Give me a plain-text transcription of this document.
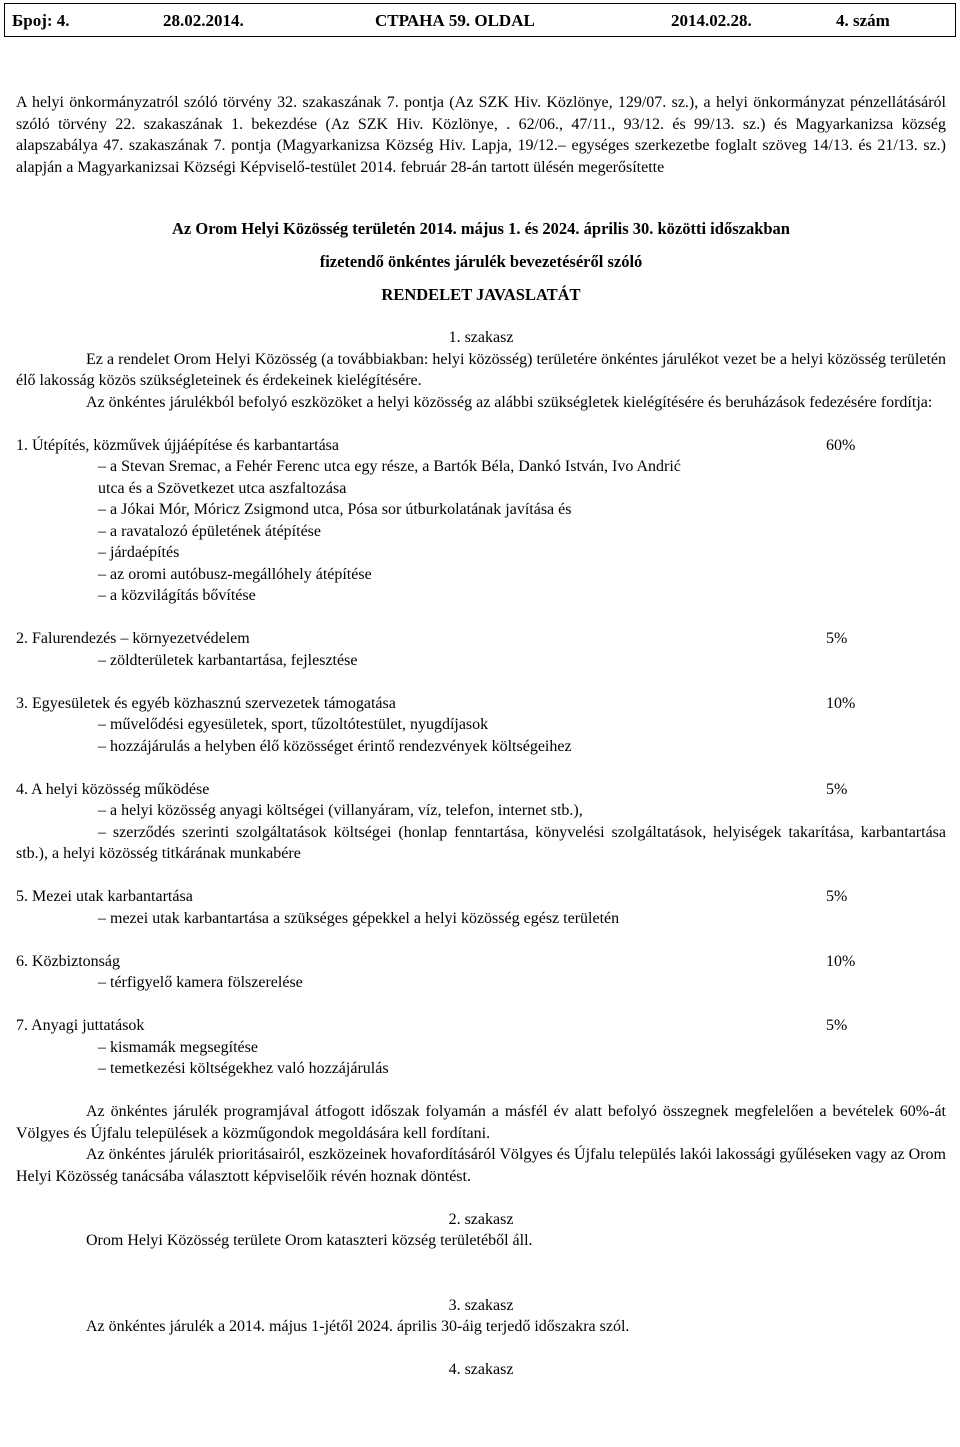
Број: 4.	28.02.2014.	СТРАНА 59. OLDAL	2014.02.28.	4. szám

A helyi önkormányzatról szóló törvény 32. szakaszának 7. pontja (Az SZK Hiv. Közlönye, 129/07. sz.), a helyi önkormányzat pénzellátásáról szóló törvény 22. szakaszának 1. bekezdése (Az SZK Hiv. Közlönye, . 62/06., 47/11., 93/12. és 99/13. sz.) és Magyarkanizsa község alapszabálya 47. szakaszának 7. pontja (Magyarkanizsa Község Hiv. Lapja, 19/12.– egységes szerkezetbe foglalt szöveg 14/13. és 21/13. sz.) alapján a Magyarkanizsai Községi Képviselő-testület 2014. február 28-án tartott ülésén megerősítette

Az Orom Helyi Közösség területén 2014. május 1. és 2024. április 30. közötti időszakban

fizetendő önkéntes járulék bevezetéséről szóló

RENDELET JAVASLATÁT

1. szakasz

Ez a rendelet Orom Helyi Közösség (a továbbiakban: helyi közösség) területére önkéntes járulékot vezet be a helyi közösség területén élő lakosság közös szükségleteinek és érdekeinek kielégítésére.

Az önkéntes járulékból befolyó eszközöket a helyi közösség az alábbi szükségletek kielégítésére és beruházások fedezésére fordítja:

1. Útépítés, közművek újjáépítése és karbantartása	60%
– a Stevan Sremac, a Fehér Ferenc utca egy része, a Bartók Béla, Dankó István, Ivo Andrić
utca és a Szövetkezet utca aszfaltozása
– a Jókai Mór, Móricz Zsigmond utca, Pósa sor útburkolatának javítása és
– a ravatalozó épületének átépítése
– járdaépítés
– az oromi autóbusz-megállóhely átépítése
– a közvilágítás bővítése
2. Falurendezés – környezetvédelem	5%
– zöldterületek karbantartása, fejlesztése
3. Egyesületek és egyéb közhasznú szervezetek támogatása	10%
– művelődési egyesületek, sport, tűzoltótestület, nyugdíjasok
– hozzájárulás a helyben élő közösséget érintő rendezvények költségeihez
4. A helyi közösség működése	5%
– a helyi közösség anyagi költségei (villanyáram, víz, telefon, internet stb.),

– szerződés szerinti szolgáltatások költségei (honlap fenntartása, könyvelési szolgáltatások, helyiségek takarítása, karbantartása stb.), a helyi közösség titkárának munkabére

5. Mezei utak karbantartása	5%
– mezei utak karbantartása a szükséges gépekkel a helyi közösség egész területén
6. Közbiztonság	10%
– térfigyelő kamera fölszerelése
7. Anyagi juttatások	5%
– kismamák megsegítése
– temetkezési költségekhez való hozzájárulás

Az önkéntes járulék programjával átfogott időszak folyamán a másfél év alatt befolyó összegnek megfelelően a bevételek 60%-át Völgyes és Újfalu települések a közműgondok megoldására kell fordítani.

Az önkéntes járulék prioritásairól, eszközeinek hovafordításáról Völgyes és Újfalu település lakói lakossági gyűléseken vagy az Orom Helyi Közösség tanácsába választott képviselőik révén hoznak döntést.

2. szakasz

Orom Helyi Közösség területe Orom kataszteri község területéből áll.

3. szakasz

Az önkéntes járulék a 2014. május 1-jétől 2024. április 30-áig terjedő időszakra szól.

4. szakasz
